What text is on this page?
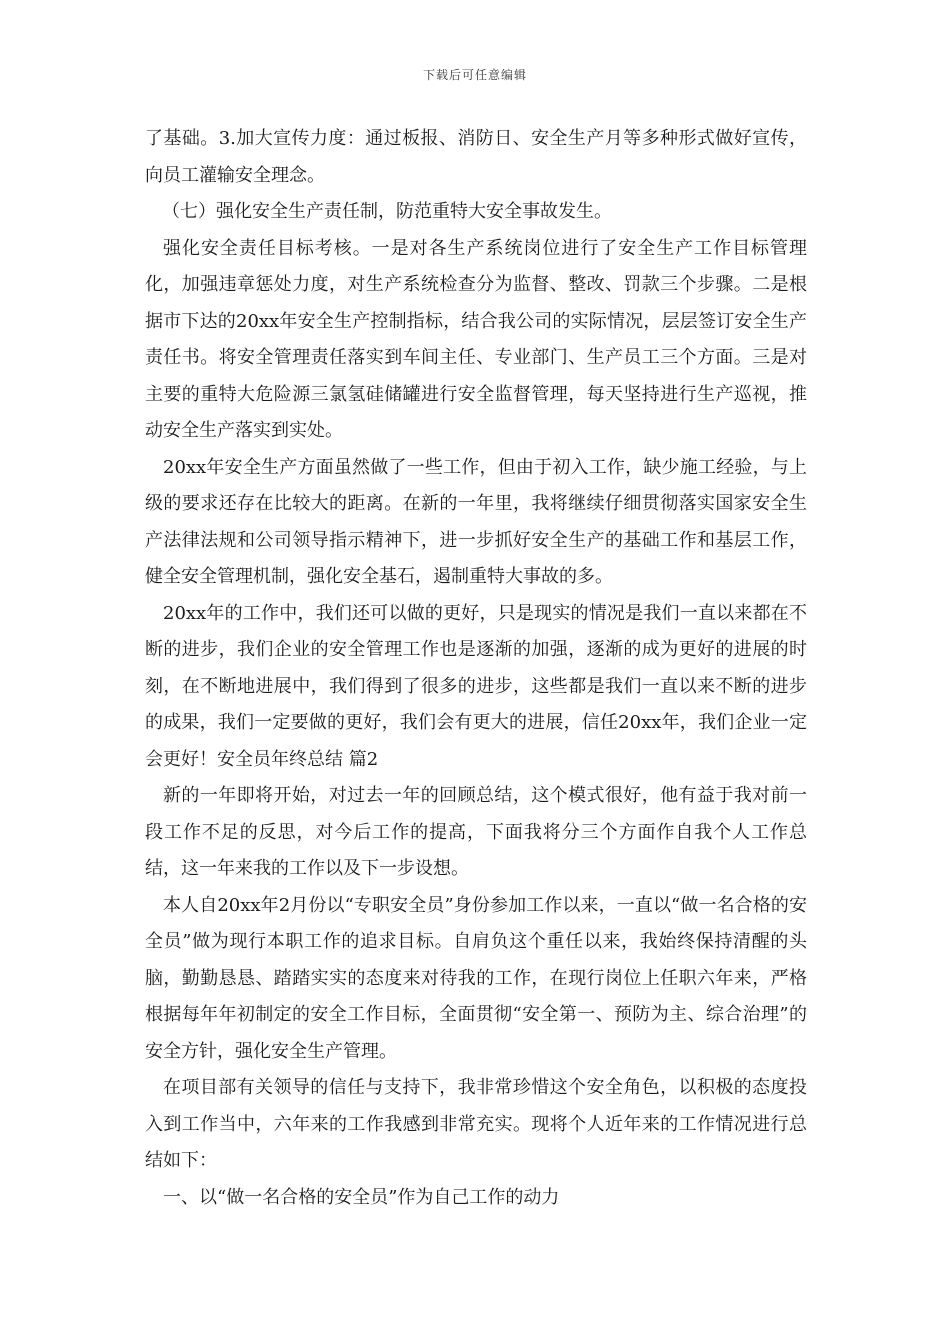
下载后可任意编辑

了基础。3.加大宣传力度：通过板报、消防日、安全生产月等多种形式做好宣传，向员工灌输安全理念。

（七）强化安全生产责任制，防范重特大安全事故发生。

强化安全责任目标考核。一是对各生产系统岗位进行了安全生产工作目标管理化，加强违章惩处力度，对生产系统检查分为监督、整改、罚款三个步骤。二是根据市下达的20xx年安全生产控制指标，结合我公司的实际情况，层层签订安全生产责任书。将安全管理责任落实到车间主任、专业部门、生产员工三个方面。三是对主要的重特大危险源三氯氢硅储罐进行安全监督管理，每天坚持进行生产巡视，推动安全生产落实到实处。

20xx年安全生产方面虽然做了一些工作，但由于初入工作，缺少施工经验，与上级的要求还存在比较大的距离。在新的一年里，我将继续仔细贯彻落实国家安全生产法律法规和公司领导指示精神下，进一步抓好安全生产的基础工作和基层工作，健全安全管理机制，强化安全基石，遏制重特大事故的多。

20xx年的工作中，我们还可以做的更好，只是现实的情况是我们一直以来都在不断的进步，我们企业的安全管理工作也是逐渐的加强，逐渐的成为更好的进展的时刻，在不断地进展中，我们得到了很多的进步，这些都是我们一直以来不断的进步的成果，我们一定要做的更好，我们会有更大的进展，信任20xx年，我们企业一定会更好！安全员年终总结 篇2

新的一年即将开始，对过去一年的回顾总结，这个模式很好，他有益于我对前一段工作不足的反思，对今后工作的提高，下面我将分三个方面作自我个人工作总结，这一年来我的工作以及下一步设想。

本人自20xx年2月份以“专职安全员”身份参加工作以来，一直以“做一名合格的安全员”做为现行本职工作的追求目标。自肩负这个重任以来，我始终保持清醒的头脑，勤勤恳恳、踏踏实实的态度来对待我的工作，在现行岗位上任职六年来，严格根据每年年初制定的安全工作目标，全面贯彻“安全第一、预防为主、综合治理”的安全方针，强化安全生产管理。

在项目部有关领导的信任与支持下，我非常珍惜这个安全角色，以积极的态度投入到工作当中，六年来的工作我感到非常充实。现将个人近年来的工作情况进行总结如下：

一、以“做一名合格的安全员”作为自己工作的动力
